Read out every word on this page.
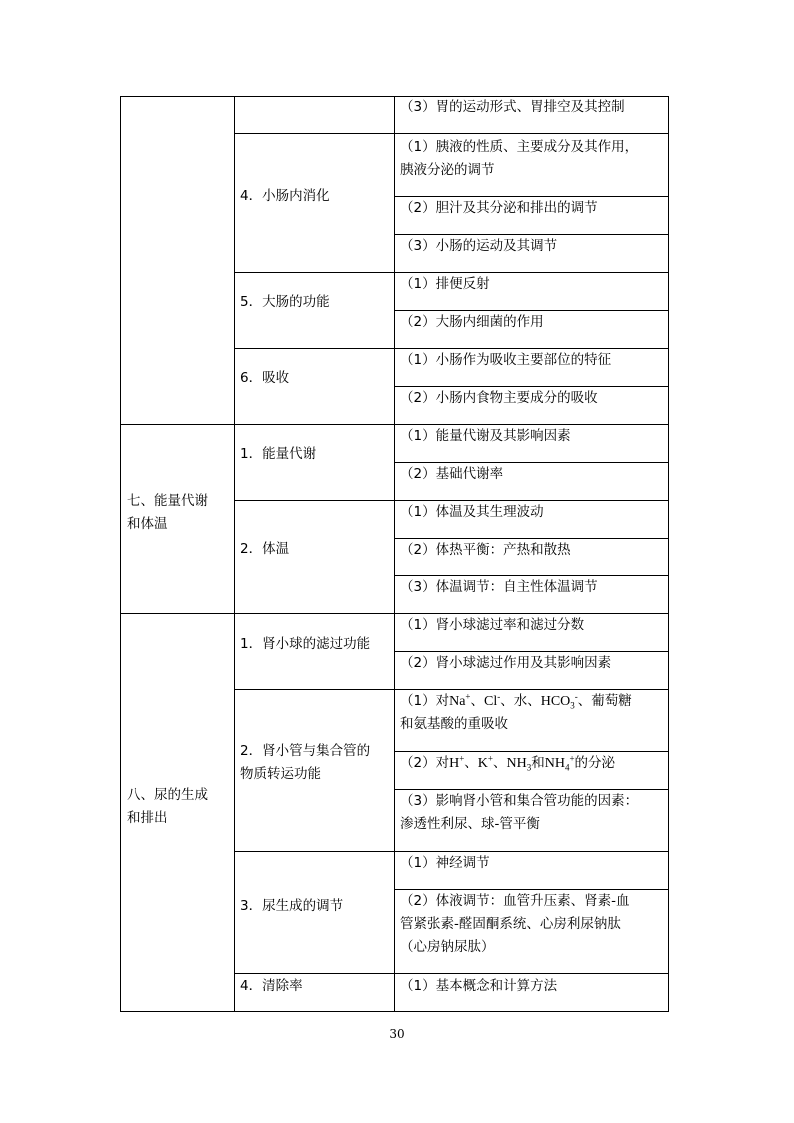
（3）胃的运动形式、胃排空及其控制
4．小肠内消化
（1）胰液的性质、主要成分及其作用，
胰液分泌的调节
（2）胆汁及其分泌和排出的调节
（3）小肠的运动及其调节
5．大肠的功能
（1）排便反射
（2）大肠内细菌的作用
6．吸收
（1）小肠作为吸收主要部位的特征
（2）小肠内食物主要成分的吸收
七、能量代谢
和体温
1．能量代谢
（1）能量代谢及其影响因素
（2）基础代谢率
2．体温
（1）体温及其生理波动
（2）体热平衡：产热和散热
（3）体温调节：自主性体温调节
八、尿的生成
和排出
1．肾小球的滤过功能
（1）肾小球滤过率和滤过分数
（2）肾小球滤过作用及其影响因素
2．肾小管与集合管的
物质转运功能
（1）对Na+、Cl-、水、$HCO_3^-$、葡萄糖
和氨基酸的重吸收
（2）对H+、K+、$NH_3$和$NH_4^+$的分泌
（3）影响肾小管和集合管功能的因素：
渗透性利尿、球-管平衡
3．尿生成的调节
（1）神经调节
（2）体液调节：血管升压素、肾素-血
管紧张素-醛固酮系统、心房利尿钠肽
（心房钠尿肽）
4．清除率	（1）基本概念和计算方法
30
